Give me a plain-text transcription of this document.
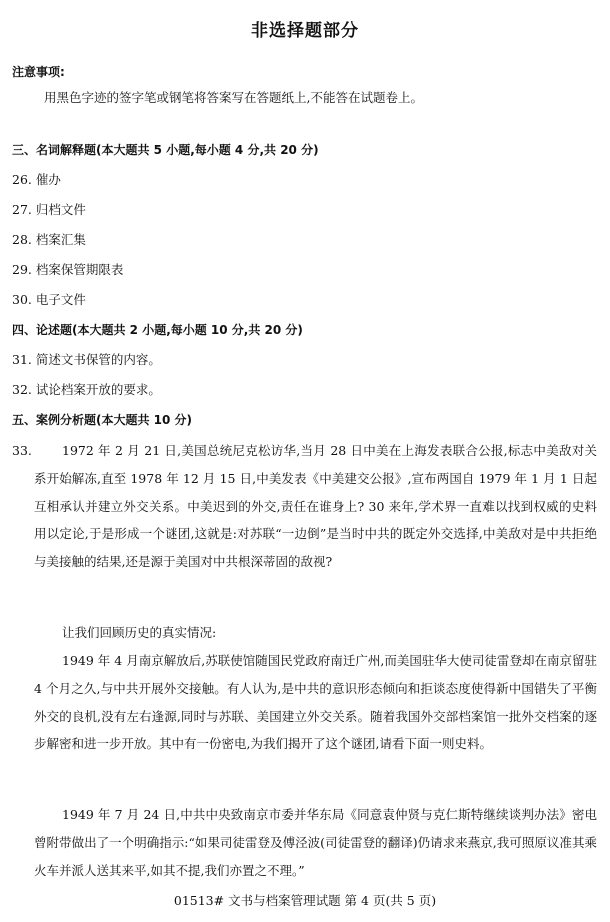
非选择题部分
注意事项:
用黑色字迹的签字笔或钢笔将答案写在答题纸上,不能答在试题卷上。
三、名词解释题(本大题共 5 小题,每小题 4 分,共 20 分)
26. 催办
27. 归档文件
28. 档案汇集
29. 档案保管期限表
30. 电子文件
四、论述题(本大题共 2 小题,每小题 10 分,共 20 分)
31. 简述文书保管的内容。
32. 试论档案开放的要求。
五、案例分析题(本大题共 10 分)
33.	1972 年 2 月 21 日,美国总统尼克松访华,当月 28 日中美在上海发表联合公报,标志中美敌对关系开始解冻,直至 1978 年 12 月 15 日,中美发表《中美建交公报》,宣布两国自 1979 年 1 月 1 日起互相承认并建立外交关系。中美迟到的外交,责任在谁身上? 30 来年,学术界一直难以找到权威的史料用以定论,于是形成一个谜团,这就是:对苏联“一边倒”是当时中共的既定外交选择,中美敌对是中共拒绝与美接触的结果,还是源于美国对中共根深蒂固的敌视?
让我们回顾历史的真实情况:
1949 年 4 月南京解放后,苏联使馆随国民党政府南迁广州,而美国驻华大使司徒雷登却在南京留驻 4 个月之久,与中共开展外交接触。有人认为,是中共的意识形态倾向和拒谈态度使得新中国错失了平衡外交的良机,没有左右逢源,同时与苏联、美国建立外交关系。随着我国外交部档案馆一批外交档案的逐步解密和进一步开放。其中有一份密电,为我们揭开了这个谜团,请看下面一则史料。
1949 年 7 月 24 日,中共中央致南京市委并华东局《同意袁仲贤与克仁斯特继续谈判办法》密电曾附带做出了一个明确指示:“如果司徒雷登及傅泾波(司徒雷登的翻译)仍请求来燕京,我可照原议准其乘火车并派人送其来平,如其不提,我们亦置之不理。”
01513# 文书与档案管理试题 第 4 页(共 5 页)
